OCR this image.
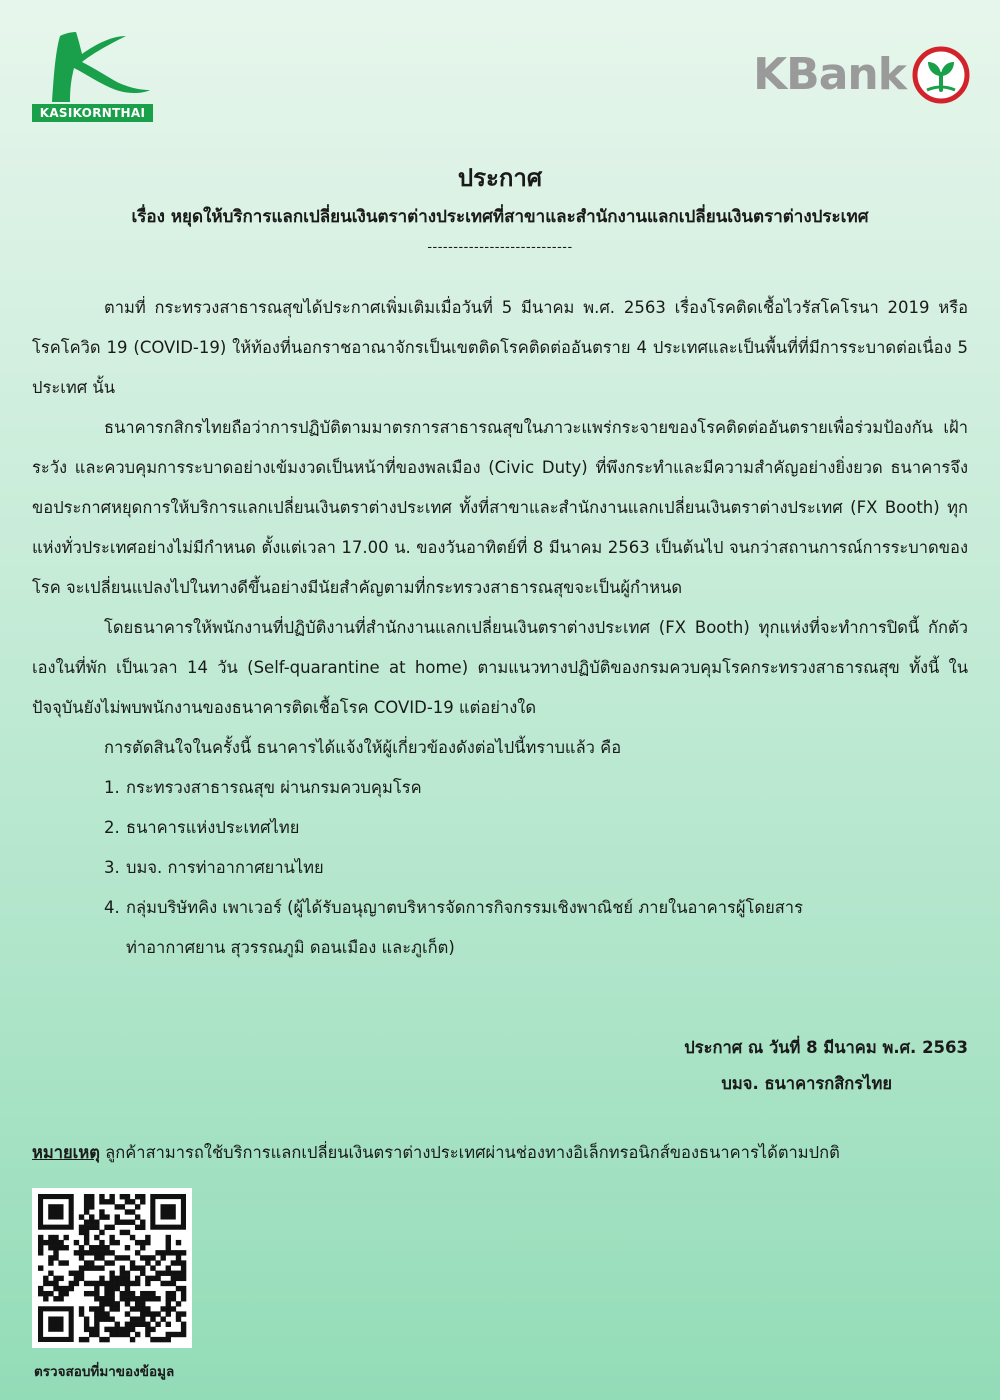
KASIKORNTHAI
KBank
ประกาศ
เรื่อง หยุดให้บริการแลกเปลี่ยนเงินตราต่างประเทศที่สาขาและสำนักงานแลกเปลี่ยนเงินตราต่างประเทศ
----------------------------

ตามที่ กระทรวงสาธารณสุขได้ประกาศเพิ่มเติมเมื่อวันที่ 5 มีนาคม พ.ศ. 2563 เรื่องโรคติดเชื้อไวรัสโคโรนา 2019 หรือโรคโควิด 19 (COVID-19) ให้ท้องที่นอกราชอาณาจักรเป็นเขตติดโรคติดต่ออันตราย 4 ประเทศและเป็นพื้นที่ที่มีการระบาดต่อเนื่อง 5 ประเทศ นั้น

ธนาคารกสิกรไทยถือว่าการปฏิบัติตามมาตรการสาธารณสุขในภาวะแพร่กระจายของโรคติดต่ออันตรายเพื่อร่วมป้องกัน เฝ้าระวัง และควบคุมการระบาดอย่างเข้มงวดเป็นหน้าที่ของพลเมือง (Civic Duty) ที่พึงกระทำและมีความสำคัญอย่างยิ่งยวด ธนาคารจึงขอประกาศหยุดการให้บริการแลกเปลี่ยนเงินตราต่างประเทศ ทั้งที่สาขาและสำนักงานแลกเปลี่ยนเงินตราต่างประเทศ (FX Booth) ทุกแห่งทั่วประเทศอย่างไม่มีกำหนด ตั้งแต่เวลา 17.00 น. ของวันอาทิตย์ที่ 8 มีนาคม 2563 เป็นต้นไป จนกว่าสถานการณ์การระบาดของโรค จะเปลี่ยนแปลงไปในทางดีขึ้นอย่างมีนัยสำคัญตามที่กระทรวงสาธารณสุขจะเป็นผู้กำหนด

โดยธนาคารให้พนักงานที่ปฏิบัติงานที่สำนักงานแลกเปลี่ยนเงินตราต่างประเทศ (FX Booth) ทุกแห่งที่จะทำการปิดนี้ กักตัวเองในที่พัก เป็นเวลา 14 วัน (Self-quarantine at home) ตามแนวทางปฏิบัติของกรมควบคุมโรคกระทรวงสาธารณสุข ทั้งนี้ ในปัจจุบันยังไม่พบพนักงานของธนาคารติดเชื้อโรค COVID-19 แต่อย่างใด

การตัดสินใจในครั้งนี้ ธนาคารได้แจ้งให้ผู้เกี่ยวข้องดังต่อไปนี้ทราบแล้ว คือ

1. กระทรวงสาธารณสุข ผ่านกรมควบคุมโรค
2. ธนาคารแห่งประเทศไทย
3. บมจ. การท่าอากาศยานไทย
4. กลุ่มบริษัทคิง เพาเวอร์ (ผู้ได้รับอนุญาตบริหารจัดการกิจกรรมเชิงพาณิชย์ ภายในอาคารผู้โดยสารท่าอากาศยาน สุวรรณภูมิ ดอนเมือง และภูเก็ต)
ประกาศ ณ วันที่ 8 มีนาคม พ.ศ. 2563
บมจ. ธนาคารกสิกรไทย
หมายเหตุ ลูกค้าสามารถใช้บริการแลกเปลี่ยนเงินตราต่างประเทศผ่านช่องทางอิเล็กทรอนิกส์ของธนาคารได้ตามปกติ
ตรวจสอบที่มาของข้อมูล
